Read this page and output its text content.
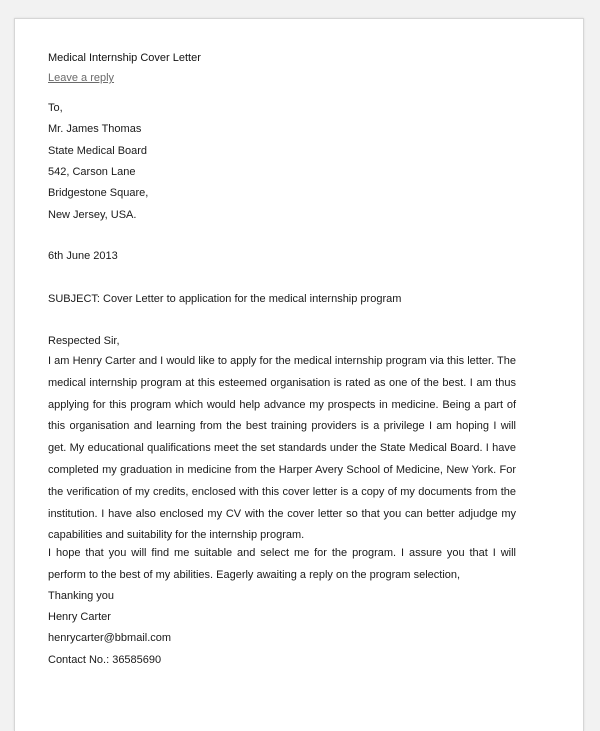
Medical Internship Cover Letter
Leave a reply
To,
Mr. James Thomas
State Medical Board
542, Carson Lane
Bridgestone Square,
New Jersey, USA.
6th June 2013
SUBJECT: Cover Letter to application for the medical internship program
Respected Sir,

I am Henry Carter and I would like to apply for the medical internship program via this letter. The medical internship program at this esteemed organisation is rated as one of the best. I am thus applying for this program which would help advance my prospects in medicine. Being a part of this organisation and learning from the best training providers is a privilege I am hoping I will get. My educational qualifications meet the set standards under the State Medical Board. I have completed my graduation in medicine from the Harper Avery School of Medicine, New York. For the verification of my credits, enclosed with this cover letter is a copy of my documents from the institution. I have also enclosed my CV with the cover letter so that you can better adjudge my capabilities and suitability for the internship program.

I hope that you will find me suitable and select me for the program. I assure you that I will perform to the best of my abilities. Eagerly awaiting a reply on the program selection,

Thanking you
Henry Carter
henrycarter@bbmail.com
Contact No.: 36585690
